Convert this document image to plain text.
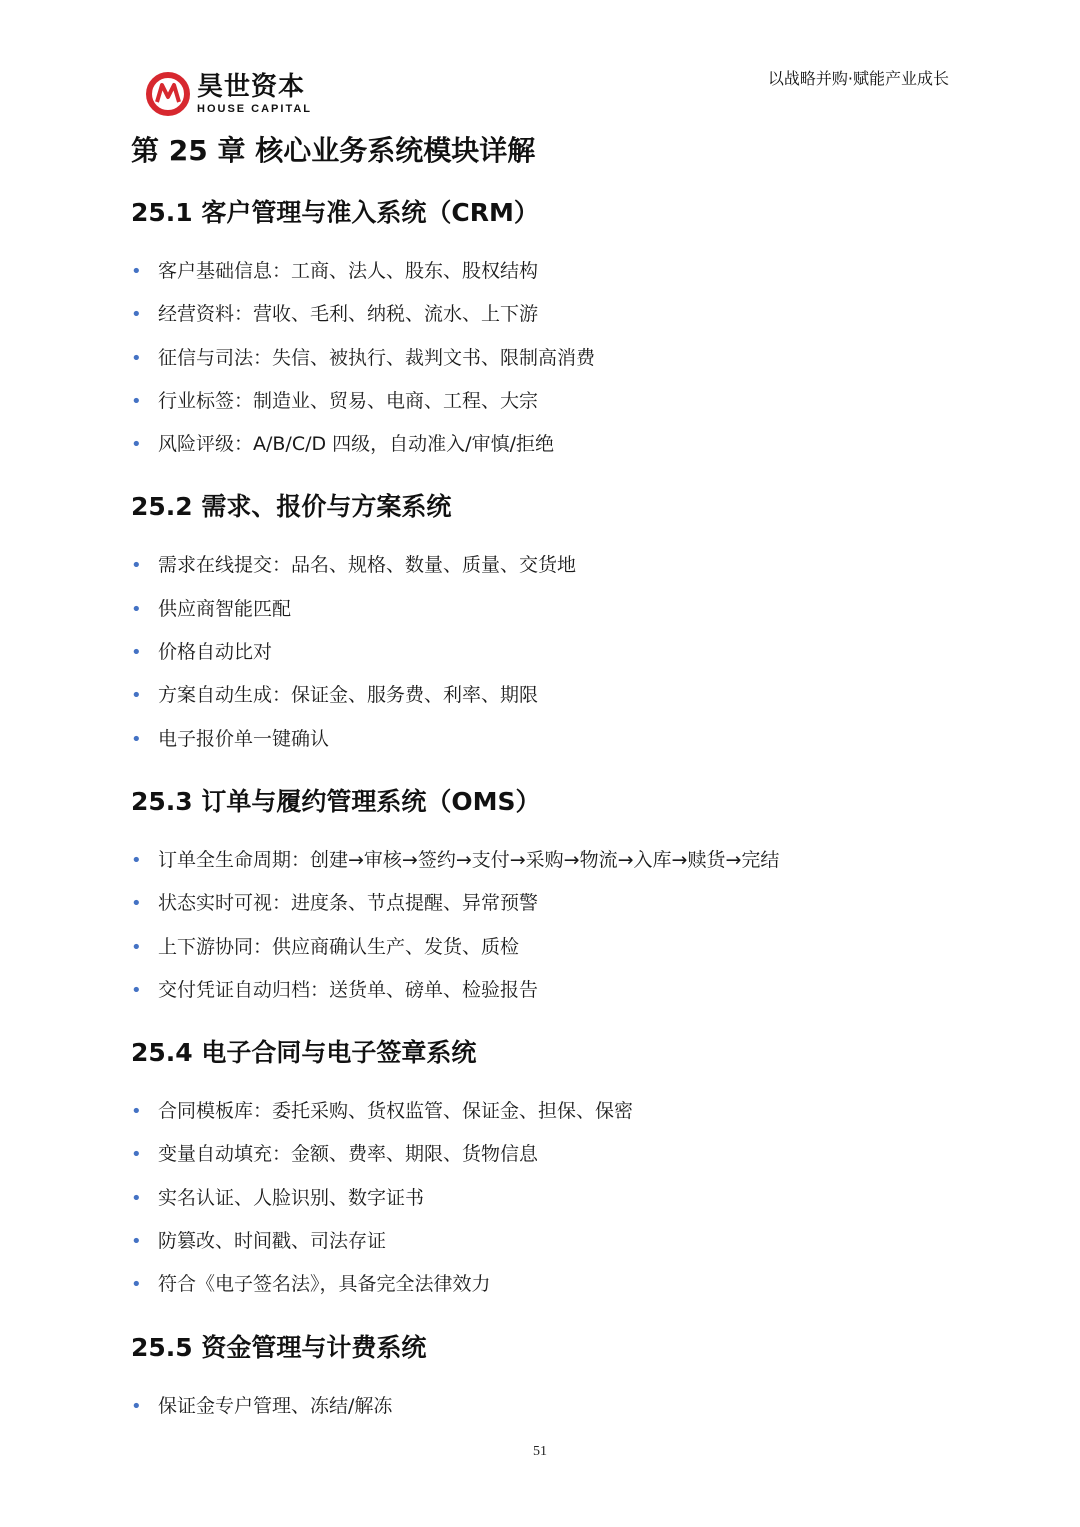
昊世资本
HOUSE CAPITAL
以战略并购·赋能产业成长
第 25 章 核心业务系统模块详解
25.1 客户管理与准入系统（CRM）
• 客户基础信息：工商、法人、股东、股权结构
• 经营资料：营收、毛利、纳税、流水、上下游
• 征信与司法：失信、被执行、裁判文书、限制高消费
• 行业标签：制造业、贸易、电商、工程、大宗
• 风险评级：A/B/C/D 四级，自动准入/审慎/拒绝
25.2 需求、报价与方案系统
• 需求在线提交：品名、规格、数量、质量、交货地
• 供应商智能匹配
• 价格自动比对
• 方案自动生成：保证金、服务费、利率、期限
• 电子报价单一键确认
25.3 订单与履约管理系统（OMS）
• 订单全生命周期：创建→审核→签约→支付→采购→物流→入库→赎货→完结
• 状态实时可视：进度条、节点提醒、异常预警
• 上下游协同：供应商确认生产、发货、质检
• 交付凭证自动归档：送货单、磅单、检验报告
25.4 电子合同与电子签章系统
• 合同模板库：委托采购、货权监管、保证金、担保、保密
• 变量自动填充：金额、费率、期限、货物信息
• 实名认证、人脸识别、数字证书
• 防篡改、时间戳、司法存证
• 符合《电子签名法》，具备完全法律效力
25.5 资金管理与计费系统
• 保证金专户管理、冻结/解冻
51
